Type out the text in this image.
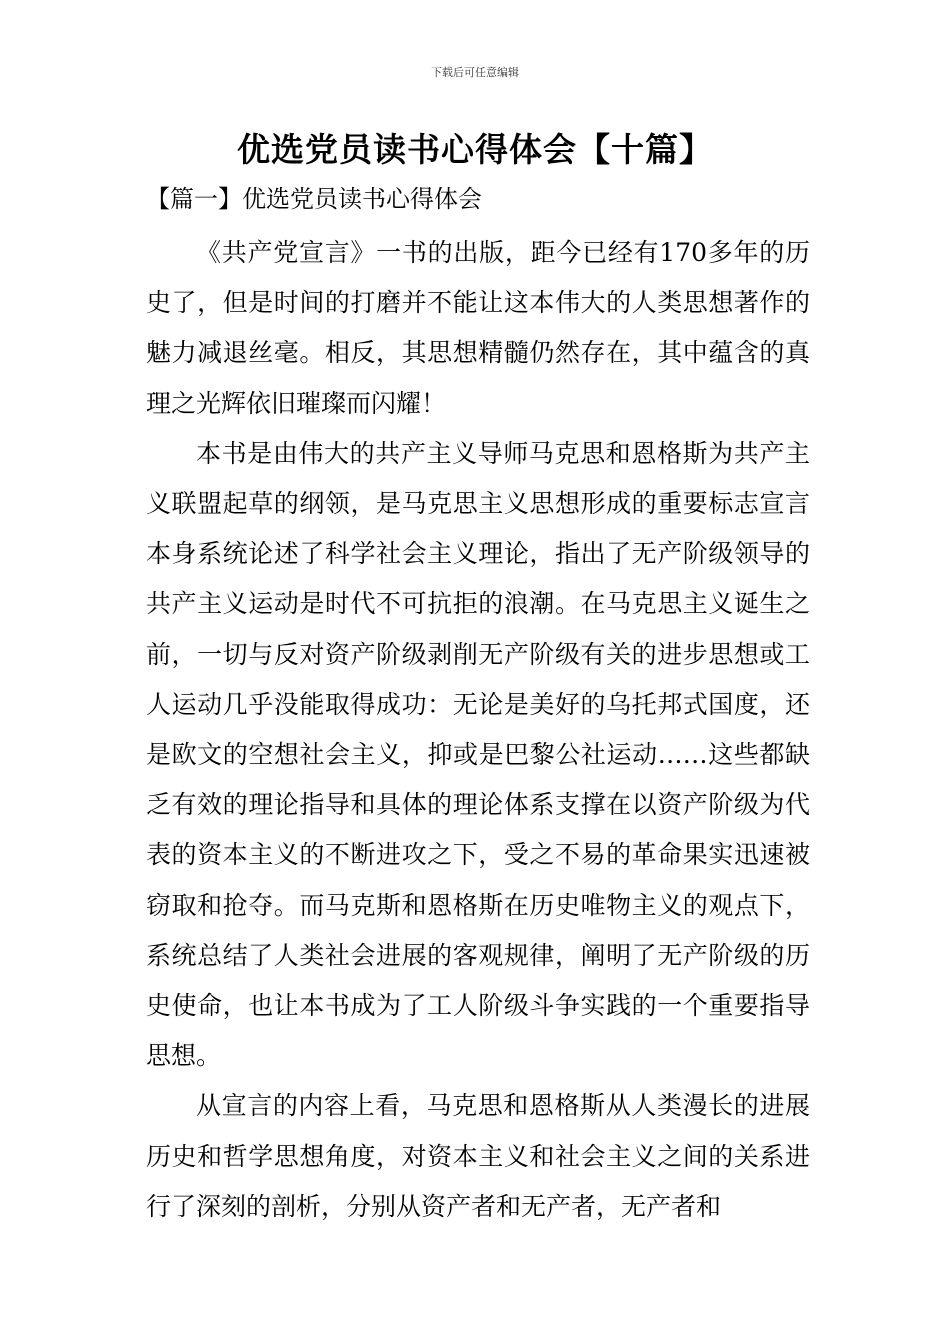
下载后可任意编辑
优选党员读书心得体会【十篇】
【篇一】优选党员读书心得体会

《共产党宣言》一书的出版，距今已经有170多年的历史了，但是时间的打磨并不能让这本伟大的人类思想著作的魅力减退丝毫。相反，其思想精髓仍然存在，其中蕴含的真理之光辉依旧璀璨而闪耀！

本书是由伟大的共产主义导师马克思和恩格斯为共产主义联盟起草的纲领，是马克思主义思想形成的重要标志宣言本身系统论述了科学社会主义理论，指出了无产阶级领导的共产主义运动是时代不可抗拒的浪潮。在马克思主义诞生之前，一切与反对资产阶级剥削无产阶级有关的进步思想或工人运动几乎没能取得成功：无论是美好的乌托邦式国度，还是欧文的空想社会主义，抑或是巴黎公社运动……这些都缺乏有效的理论指导和具体的理论体系支撑在以资产阶级为代表的资本主义的不断进攻之下，受之不易的革命果实迅速被窃取和抢夺。而马克斯和恩格斯在历史唯物主义的观点下，系统总结了人类社会进展的客观规律，阐明了无产阶级的历史使命，也让本书成为了工人阶级斗争实践的一个重要指导思想。

从宣言的内容上看，马克思和恩格斯从人类漫长的进展历史和哲学思想角度，对资本主义和社会主义之间的关系进行了深刻的剖析，分别从资产者和无产者，无产者和
